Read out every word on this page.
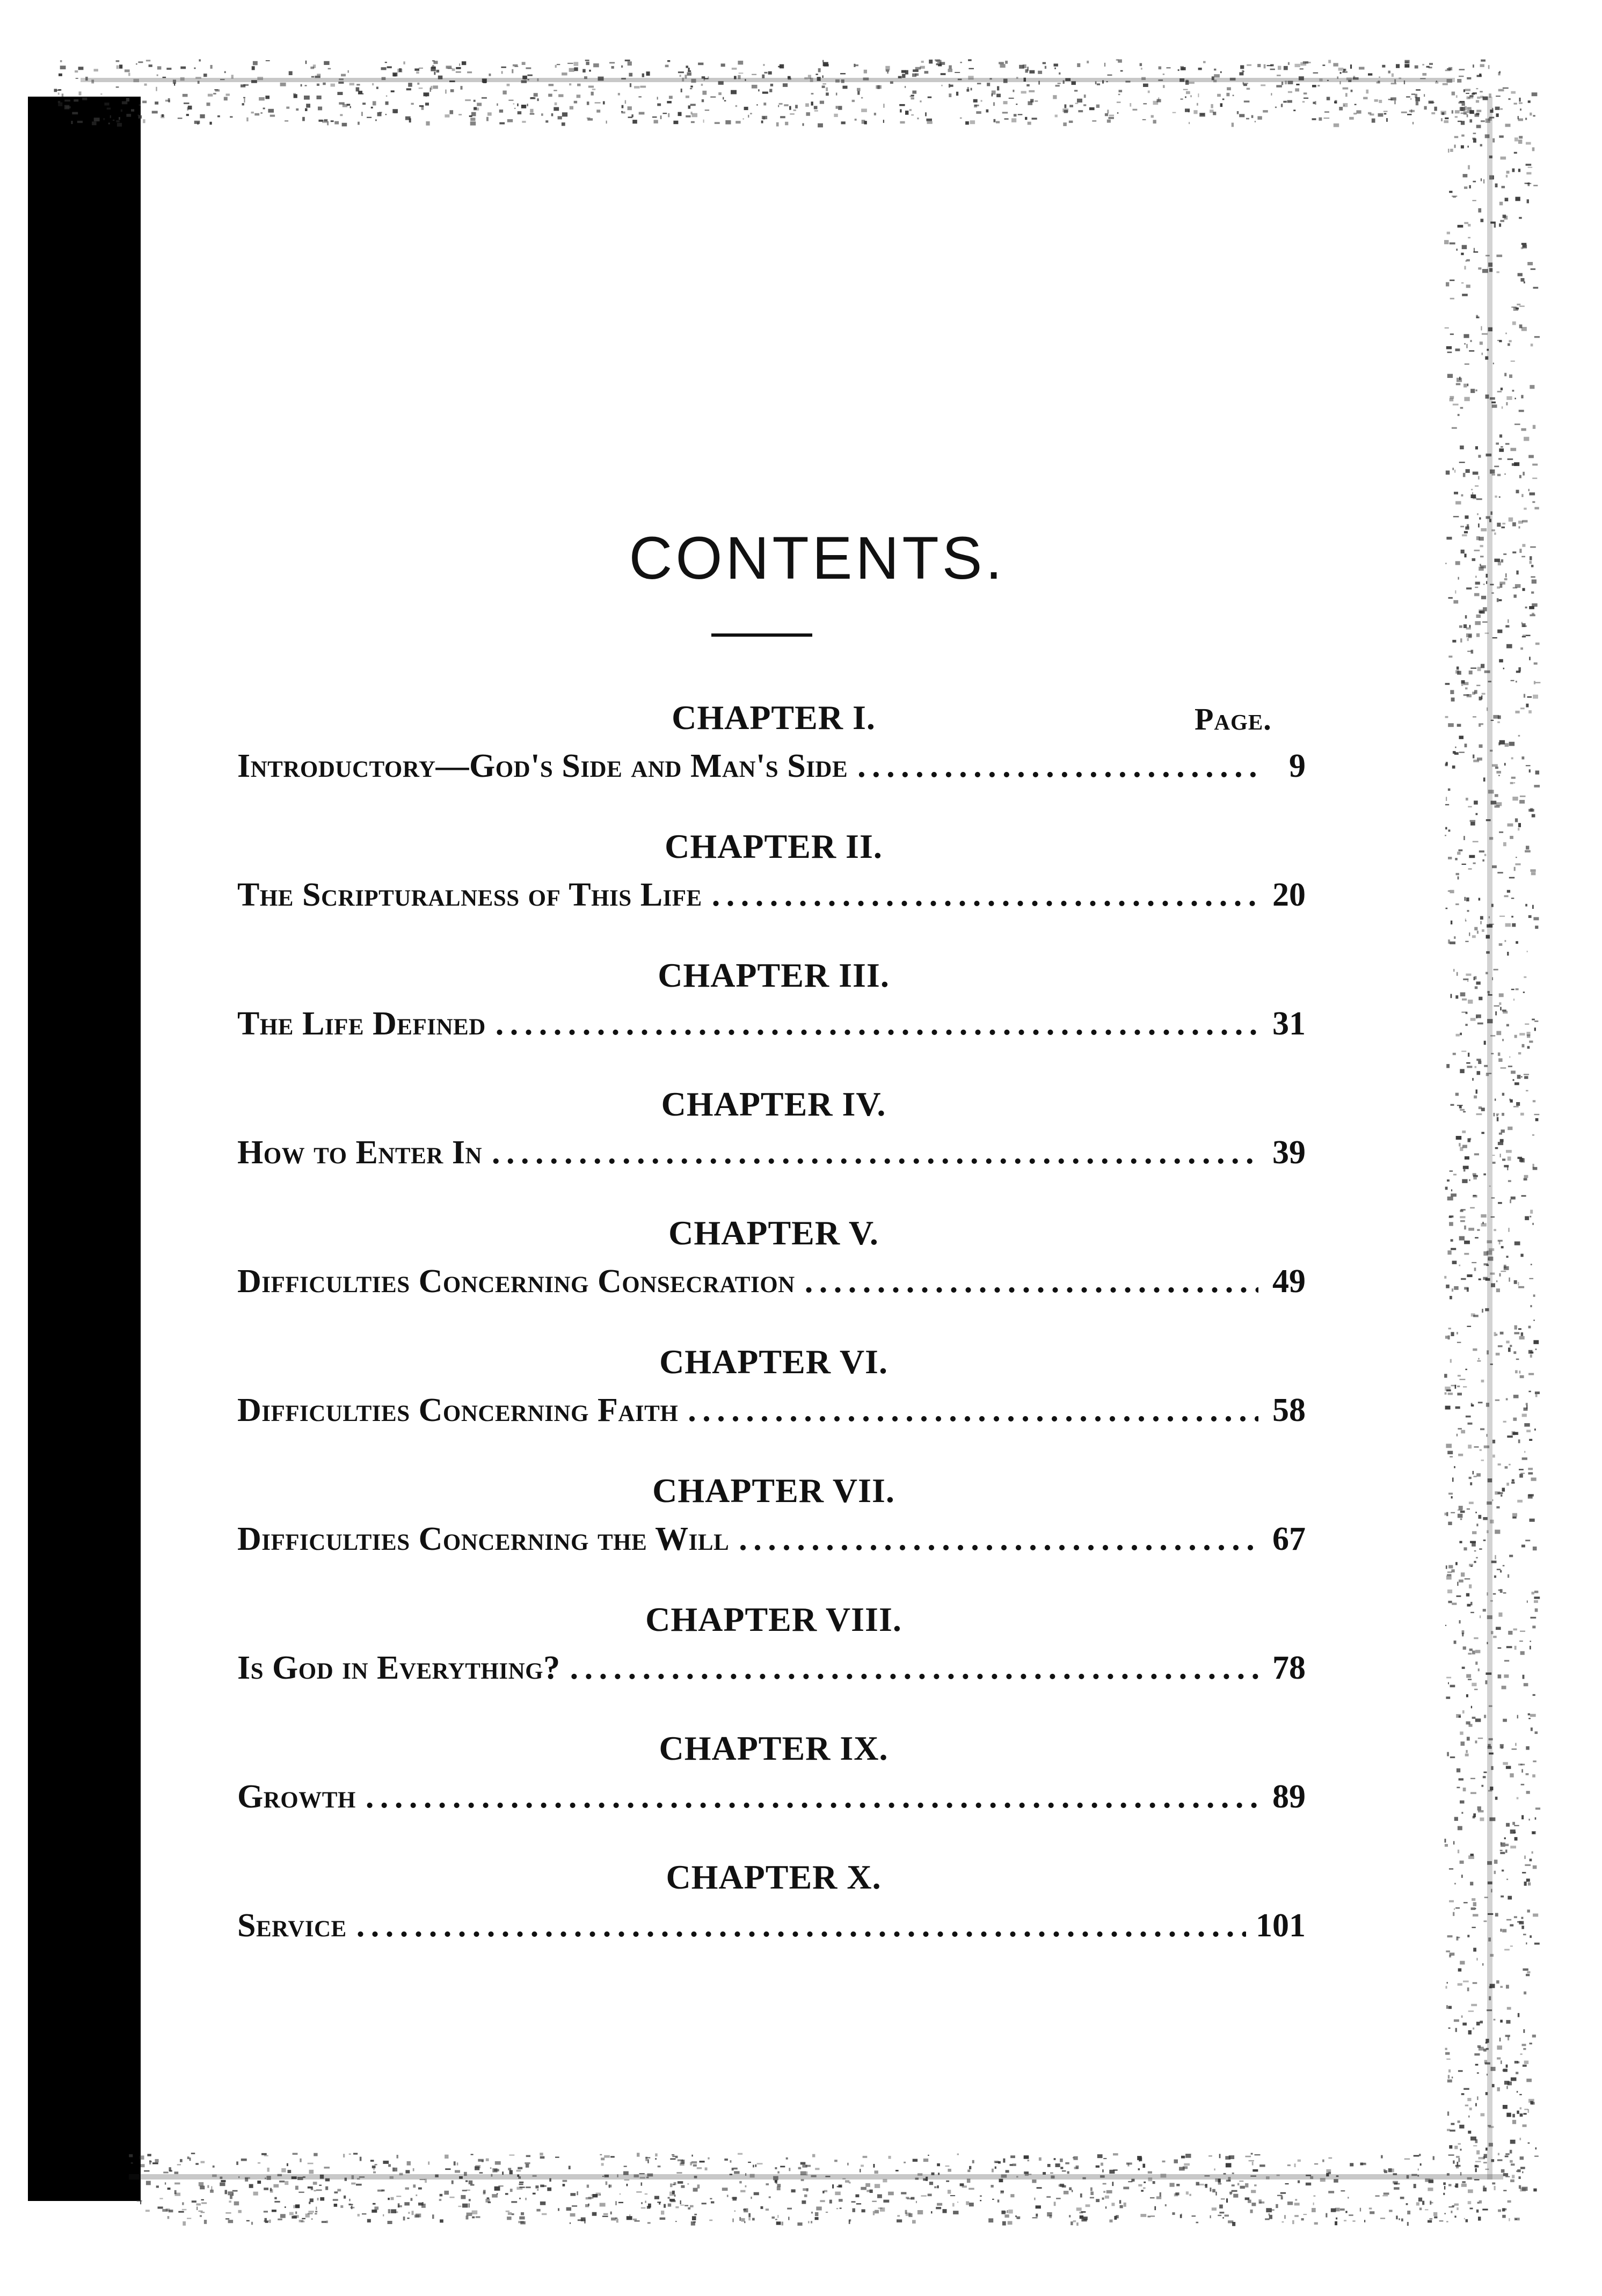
CONTENTS.
Page.
CHAPTER I.
Introductory—God's Side and Man's Side . . .	9
CHAPTER II.
The Scripturalness of This Life . . .	20
CHAPTER III.
The Life Defined . . .	31
CHAPTER IV.
How to Enter In . . .	39
CHAPTER V.
Difficulties Concerning Consecration . . .	49
CHAPTER VI.
Difficulties Concerning Faith . . .	58
CHAPTER VII.
Difficulties Concerning the Will . . .	67
CHAPTER VIII.
Is God in Everything? . . .	78
CHAPTER IX.
Growth . . .	89
CHAPTER X.
Service . . .	101
